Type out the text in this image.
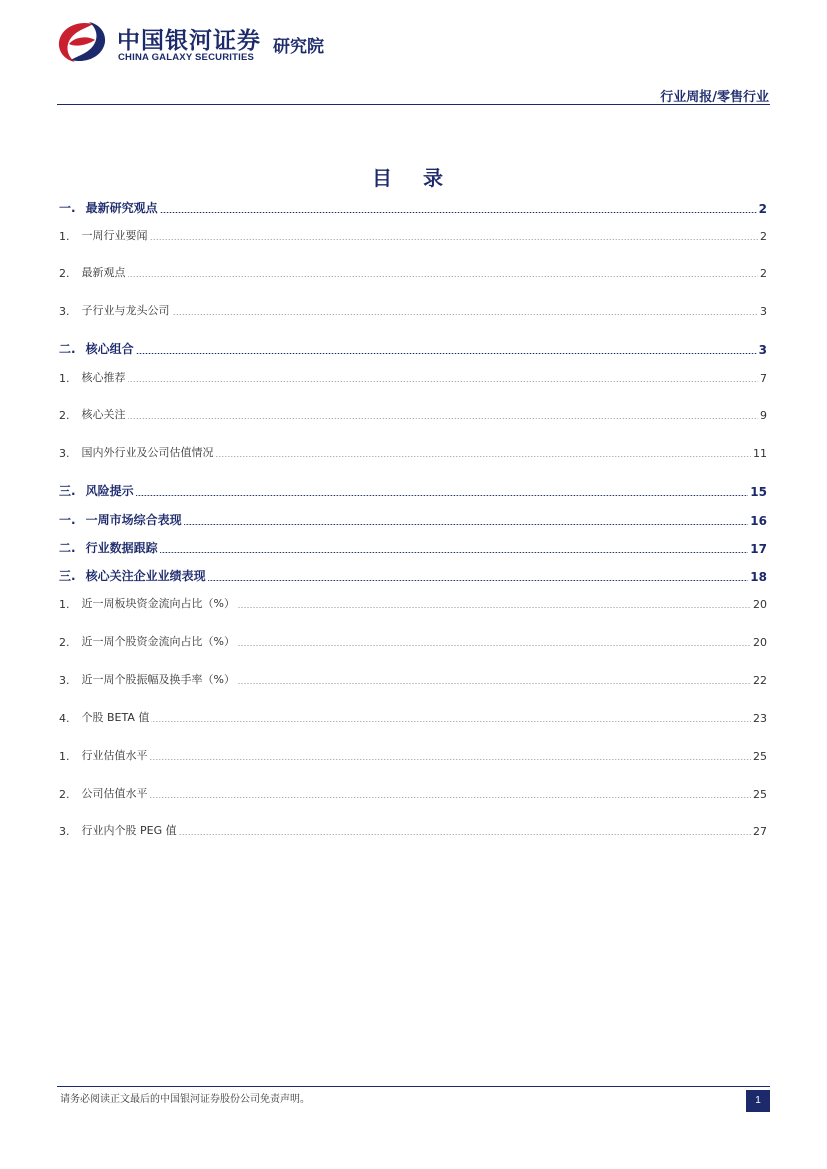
中国银河证券
CHINA GALAXY SECURITIES
研究院
行业周报/零售行业
目 录
一. 最新研究观点	2
1. 一周行业要闻	2
2. 最新观点	2
3. 子行业与龙头公司	3
二. 核心组合	3
1. 核心推荐	7
2. 核心关注	9
3. 国内外行业及公司估值情况	11
三. 风险提示	15
一. 一周市场综合表现	16
二. 行业数据跟踪	17
三. 核心关注企业业绩表现	18
1. 近一周板块资金流向占比（%）	20
2. 近一周个股资金流向占比（%）	20
3. 近一周个股振幅及换手率（%）	22
4. 个股 BETA 值	23
1. 行业估值水平	25
2. 公司估值水平	25
3. 行业内个股 PEG 值	27
请务必阅读正文最后的中国银河证券股份公司免责声明。	1
